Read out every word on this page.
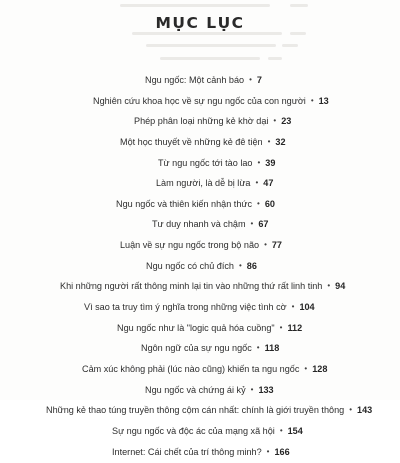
MỤC LỤC
Ngu ngốc: Một cảnh báo • 7
Nghiên cứu khoa học về sự ngu ngốc của con người • 13
Phép phân loại những kẻ khờ dại • 23
Một học thuyết về những kẻ đê tiện • 32
Từ ngu ngốc tới tào lao • 39
Làm người, là dễ bị lừa • 47
Ngu ngốc và thiên kiến nhận thức • 60
Tư duy nhanh và chậm • 67
Luận về sự ngu ngốc trong bộ não • 77
Ngu ngốc có chủ đích • 86
Khi những người rất thông minh lại tin vào những thứ rất linh tinh • 94
Vì sao ta truy tìm ý nghĩa trong những việc tình cờ • 104
Ngu ngốc như là "logic quả hóa cuồng" • 112
Ngôn ngữ của sự ngu ngốc • 118
Cảm xúc không phải (lúc nào cũng) khiến ta ngu ngốc • 128
Ngu ngốc và chứng ái kỷ • 133
Những kẻ thao túng truyền thông cộm cán nhất: chính là giới truyền thông • 143
Sự ngu ngốc và độc ác của mạng xã hội • 154
Internet: Cái chết của trí thông minh? • 166
